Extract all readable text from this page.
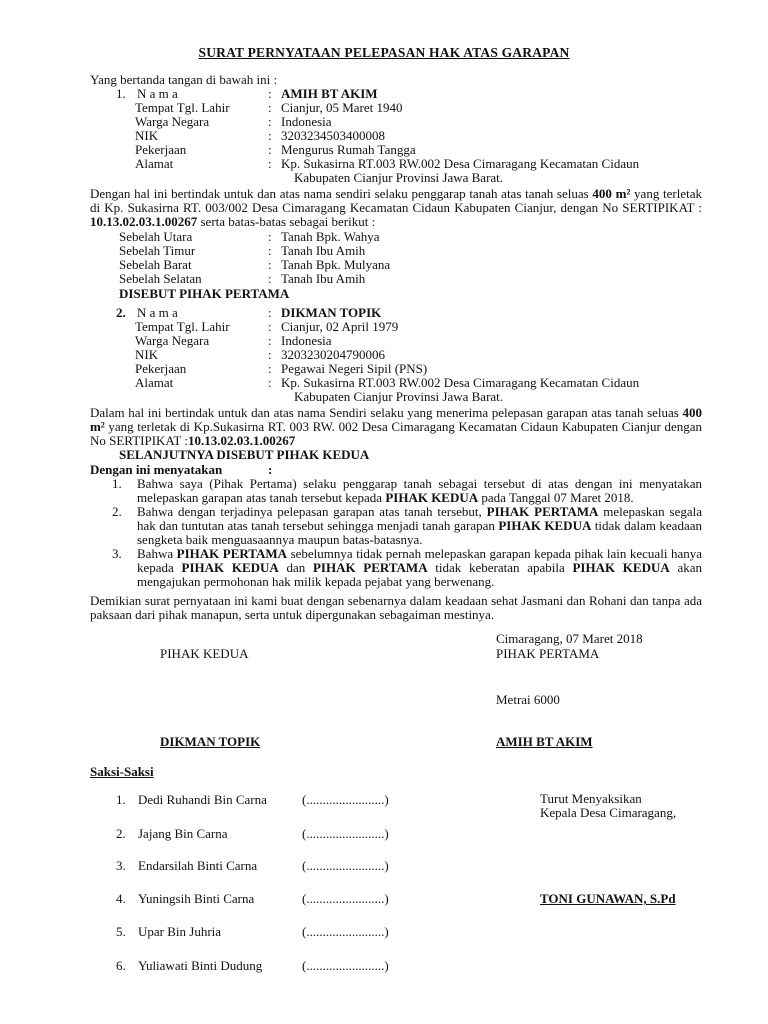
SURAT PERNYATAAN PELEPASAN HAK ATAS GARAPAN
Yang bertanda tangan di bawah ini :
1. N a m a	: AMIH BT AKIM
Tempat Tgl. Lahir	: Cianjur, 05 Maret 1940
Warga Negara	: Indonesia
NIK	: 3203234503400008
Pekerjaan	: Mengurus Rumah Tangga
Alamat	: Kp. Sukasirna RT.003 RW.002 Desa Cimaragang Kecamatan Cidaun
Kabupaten Cianjur Provinsi Jawa Barat.
Dengan hal ini bertindak untuk dan atas nama sendiri selaku penggarap tanah atas tanah seluas 400 m² yang terletak di Kp. Sukasirna RT. 003/002 Desa Cimaragang Kecamatan Cidaun Kabupaten Cianjur, dengan No SERTIPIKAT : 10.13.02.03.1.00267 serta batas-batas sebagai berikut :
Sebelah Utara	: Tanah Bpk. Wahya
Sebelah Timur	: Tanah Ibu Amih
Sebelah Barat	: Tanah Bpk. Mulyana
Sebelah Selatan	: Tanah Ibu Amih
DISEBUT PIHAK PERTAMA
2. N a m a	: DIKMAN TOPIK
Tempat Tgl. Lahir	: Cianjur, 02 April 1979
Warga Negara	: Indonesia
NIK	: 3203230204790006
Pekerjaan	: Pegawai Negeri Sipil (PNS)
Alamat	: Kp. Sukasirna RT.003 RW.002 Desa Cimaragang Kecamatan Cidaun
Kabupaten Cianjur Provinsi Jawa Barat.
Dalam hal ini bertindak untuk dan atas nama Sendiri selaku yang menerima pelepasan garapan atas tanah seluas 400 m² yang terletak di Kp.Sukasirna RT. 003 RW. 002 Desa Cimaragang Kecamatan Cidaun Kabupaten Cianjur dengan No SERTIPIKAT :10.13.02.03.1.00267
SELANJUTNYA DISEBUT PIHAK KEDUA
Dengan ini menyatakan	:
1. Bahwa saya (Pihak Pertama) selaku penggarap tanah sebagai tersebut di atas dengan ini menyatakan melepaskan garapan atas tanah tersebut kepada PIHAK KEDUA pada Tanggal 07 Maret 2018.
2. Bahwa dengan terjadinya pelepasan garapan atas tanah tersebut, PIHAK PERTAMA melepaskan segala hak dan tuntutan atas tanah tersebut sehingga menjadi tanah garapan PIHAK KEDUA tidak dalam keadaan sengketa baik menguasaannya maupun batas-batasnya.
3. Bahwa PIHAK PERTAMA sebelumnya tidak pernah melepaskan garapan kepada pihak lain kecuali hanya kepada PIHAK KEDUA dan PIHAK PERTAMA tidak keberatan apabila PIHAK KEDUA akan mengajukan permohonan hak milik kepada pejabat yang berwenang.
Demikian surat pernyataan ini kami buat dengan sebenarnya dalam keadaan sehat Jasmani dan Rohani dan tanpa ada paksaan dari pihak manapun, serta untuk dipergunakan sebagaiman mestinya.
Cimaragang, 07 Maret 2018
PIHAK KEDUA	PIHAK PERTAMA
Metrai 6000
DIKMAN TOPIK	AMIH BT AKIM
Saksi-Saksi
1. Dedi Ruhandi Bin Carna	(........................)
2. Jajang Bin Carna	(........................)
3. Endarsilah Binti Carna	(........................)
4. Yuningsih Binti Carna	(........................)
5. Upar Bin Juhria	(........................)
6. Yuliawati Binti Dudung	(........................)
Turut Menyaksikan
Kepala Desa Cimaragang,
TONI GUNAWAN, S.Pd
